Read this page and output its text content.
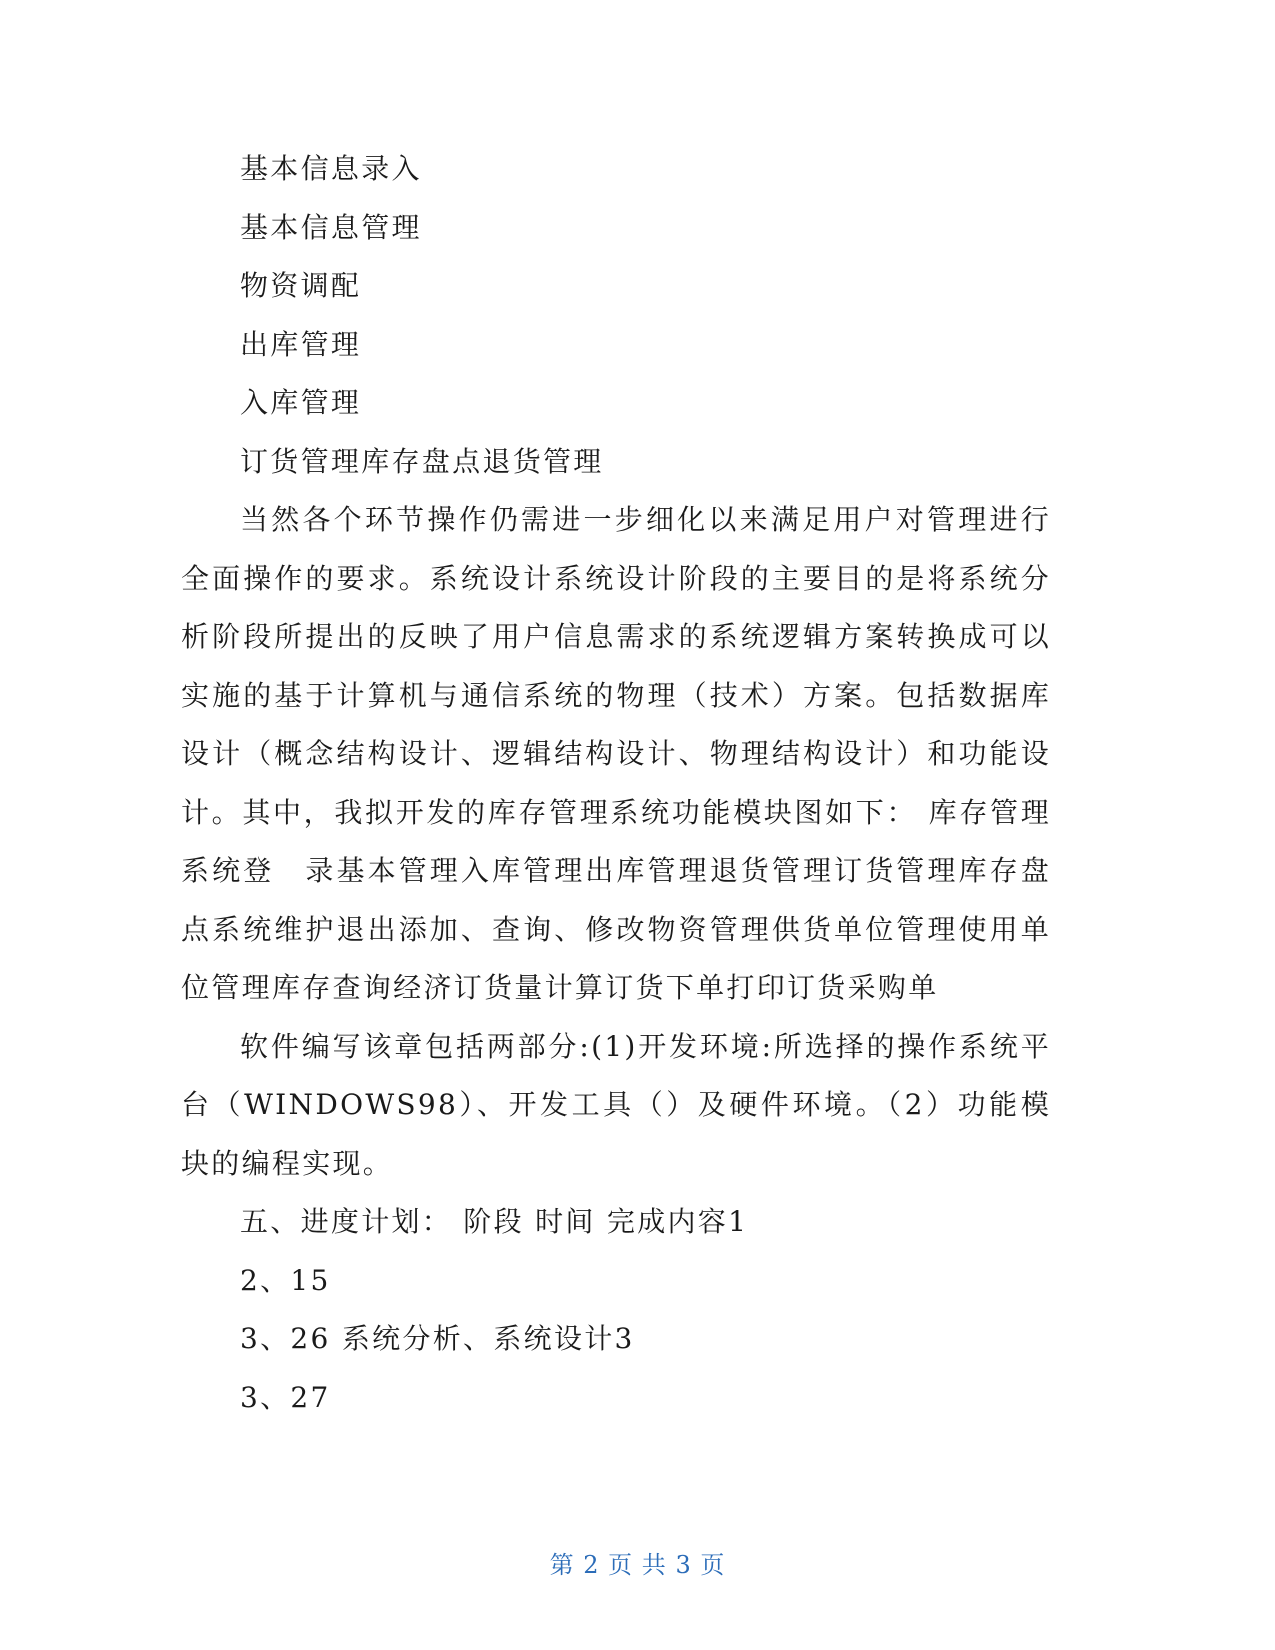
基本信息录入

基本信息管理

物资调配

出库管理

入库管理

订货管理库存盘点退货管理

当然各个环节操作仍需进一步细化以来满足用户对管理进行全面操作的要求。系统设计系统设计阶段的主要目的是将系统分析阶段所提出的反映了用户信息需求的系统逻辑方案转换成可以实施的基于计算机与通信系统的物理（技术）方案。包括数据库设计（概念结构设计、逻辑结构设计、物理结构设计）和功能设计。其中，我拟开发的库存管理系统功能模块图如下： 库存管理系统登　录基本管理入库管理出库管理退货管理订货管理库存盘点系统维护退出添加、查询、修改物资管理供货单位管理使用单位管理库存查询经济订货量计算订货下单打印订货采购单

软件编写该章包括两部分:(1)开发环境:所选择的操作系统平台（WINDOWS98）、开发工具（）及硬件环境。（2）功能模块的编程实现。

五、进度计划： 阶段 时间 完成内容1

2、15

3、26 系统分析、系统设计3

3、27

第 2 页 共 3 页
